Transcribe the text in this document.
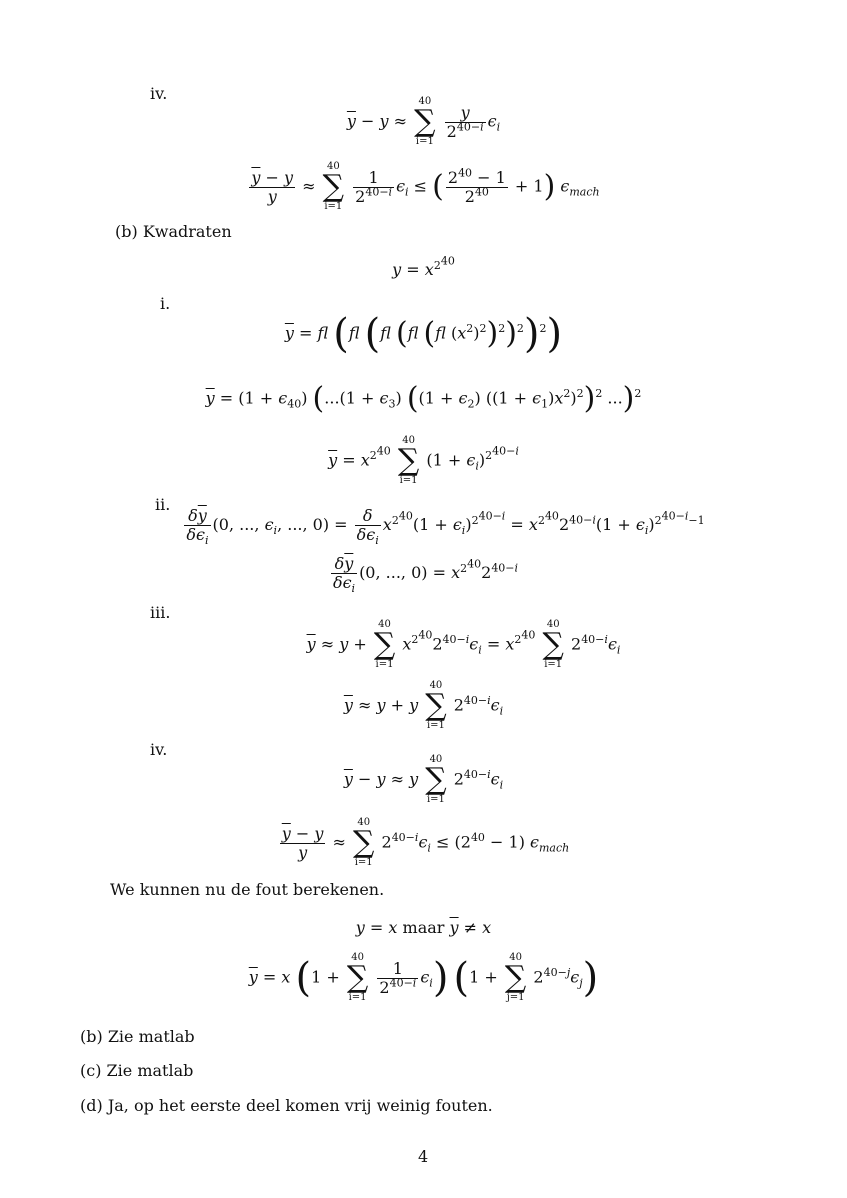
iv.
$\overline{y} - y$ ≈
40
∑
i=1

$\frac{y}{2^{40-i}} \epsilon_i$
$\frac{\overline{y} - y}{y}$ ≈
40
∑
i=1

$\frac{1}{2^{40-i}} \epsilon_i$ ≤ ( $\frac{2^{40} - 1}{2^{40}} + 1$) $\epsilon_{mach}$
(b) Kwadraten
$y = x^{2^{40}}$
i.
$\overline{y}$ = fl (fl (fl (fl (fl $(x^2)^2)^2)^2)^2$)
$\overline{y} = (1 + \epsilon_{40}) (...(1 + \epsilon_3) ((1 + \epsilon_2) ((1 + \epsilon_1)x^2)^2)^2$ ...)$^2$
$\overline{y} = x^{2^{40}}$
40
∑
i=1
$(1 + \epsilon_i)^{2^{40-i}}$
ii.
$\frac{\delta\overline{y}}{\delta\epsilon_i} (0$, ..., $\epsilon_i$, ..., $0) = \frac{\delta}{\delta\epsilon_i} x^{2^{40}}(1 + \epsilon_i)^{2^{40-i}} = x^{2^{40}}2^{40-i}(1 + \epsilon_i)^{2^{40-i}-1}$
$\frac{\delta\overline{y}}{\delta\epsilon_i} (0$, ..., $0) = x^{2^{40}}2^{40-i}$
iii.
$\overline{y} \approx y$ +
40
∑
i=1
$x^{2^{40}}2^{40-i}\epsilon_i = x^{2^{40}}$
40
∑
i=1
$2^{40-i}\epsilon_i$
$\overline{y} \approx y + y$
40
∑
i=1
$2^{40-i}\epsilon_i$
iv.
$\overline{y} - y \approx y$
40
∑
i=1
$2^{40-i}\epsilon_i$
$\frac{\overline{y} - y}{y}$ ≈
40
∑
i=1
$2^{40-i}\epsilon_i \le (2^{40} - 1)$ $\epsilon_{mach}$
We kunnen nu de fout berekenen.
y = x maar $\overline{y} \ne x$
$\overline{y} = x$ (1 +
40
∑
i=1

$\frac{1}{2^{40-i}} \epsilon_i$) (1 +
40
∑
j=1
$2^{40-j}\epsilon_j$)
(b) Zie matlab
(c) Zie matlab
(d) Ja, op het eerste deel komen vrij weinig fouten.
4
